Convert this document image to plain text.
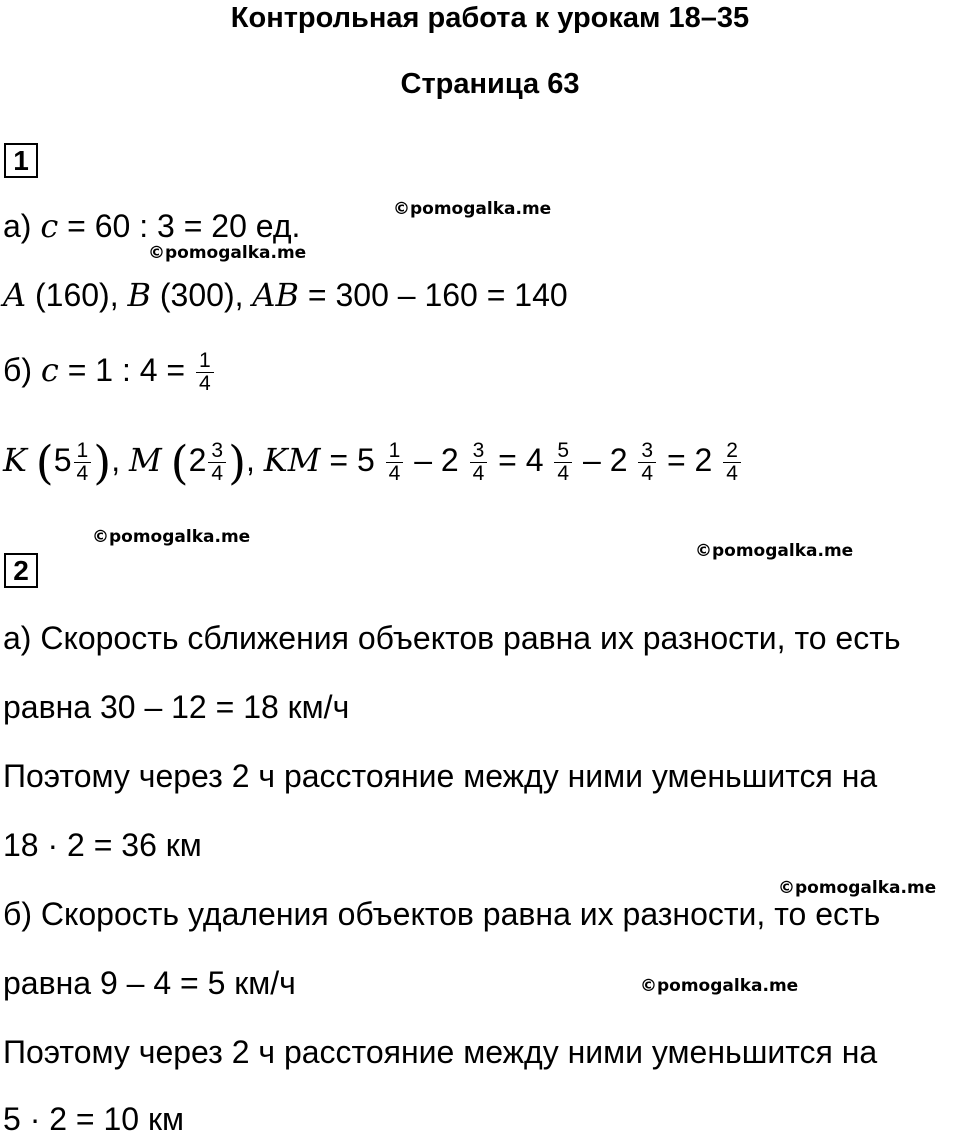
Контрольная работа к урокам 18–35
Страница 63
1
©pomogalka.me
©pomogalka.me
а) c = 60 : 3 = 20 ед.
A (160), B (300), AB = 300 – 160 = 140
б) c = 1 : $4 = \frac{1}{4}$
K ($5 \frac{1}{4}$ ), M ($2 \frac{3}{4}$ ), KM = $5 \frac{1}{4} - 2 \frac{3}{4} = 4 \frac{5}{4} - 2 \frac{3}{4} = 2 \frac{2}{4}$
©pomogalka.me
©pomogalka.me
2
а) Скорость сближения объектов равна их разности, то есть
равна 30 – 12 = 18 км/ч
Поэтому через 2 ч расстояние между ними уменьшится на
18 · 2 = 36 км
©pomogalka.me
б) Скорость удаления объектов равна их разности, то есть
равна 9 – 4 = 5 км/ч	©pomogalka.me
Поэтому через 2 ч расстояние между ними уменьшится на
5 · 2 = 10 км
